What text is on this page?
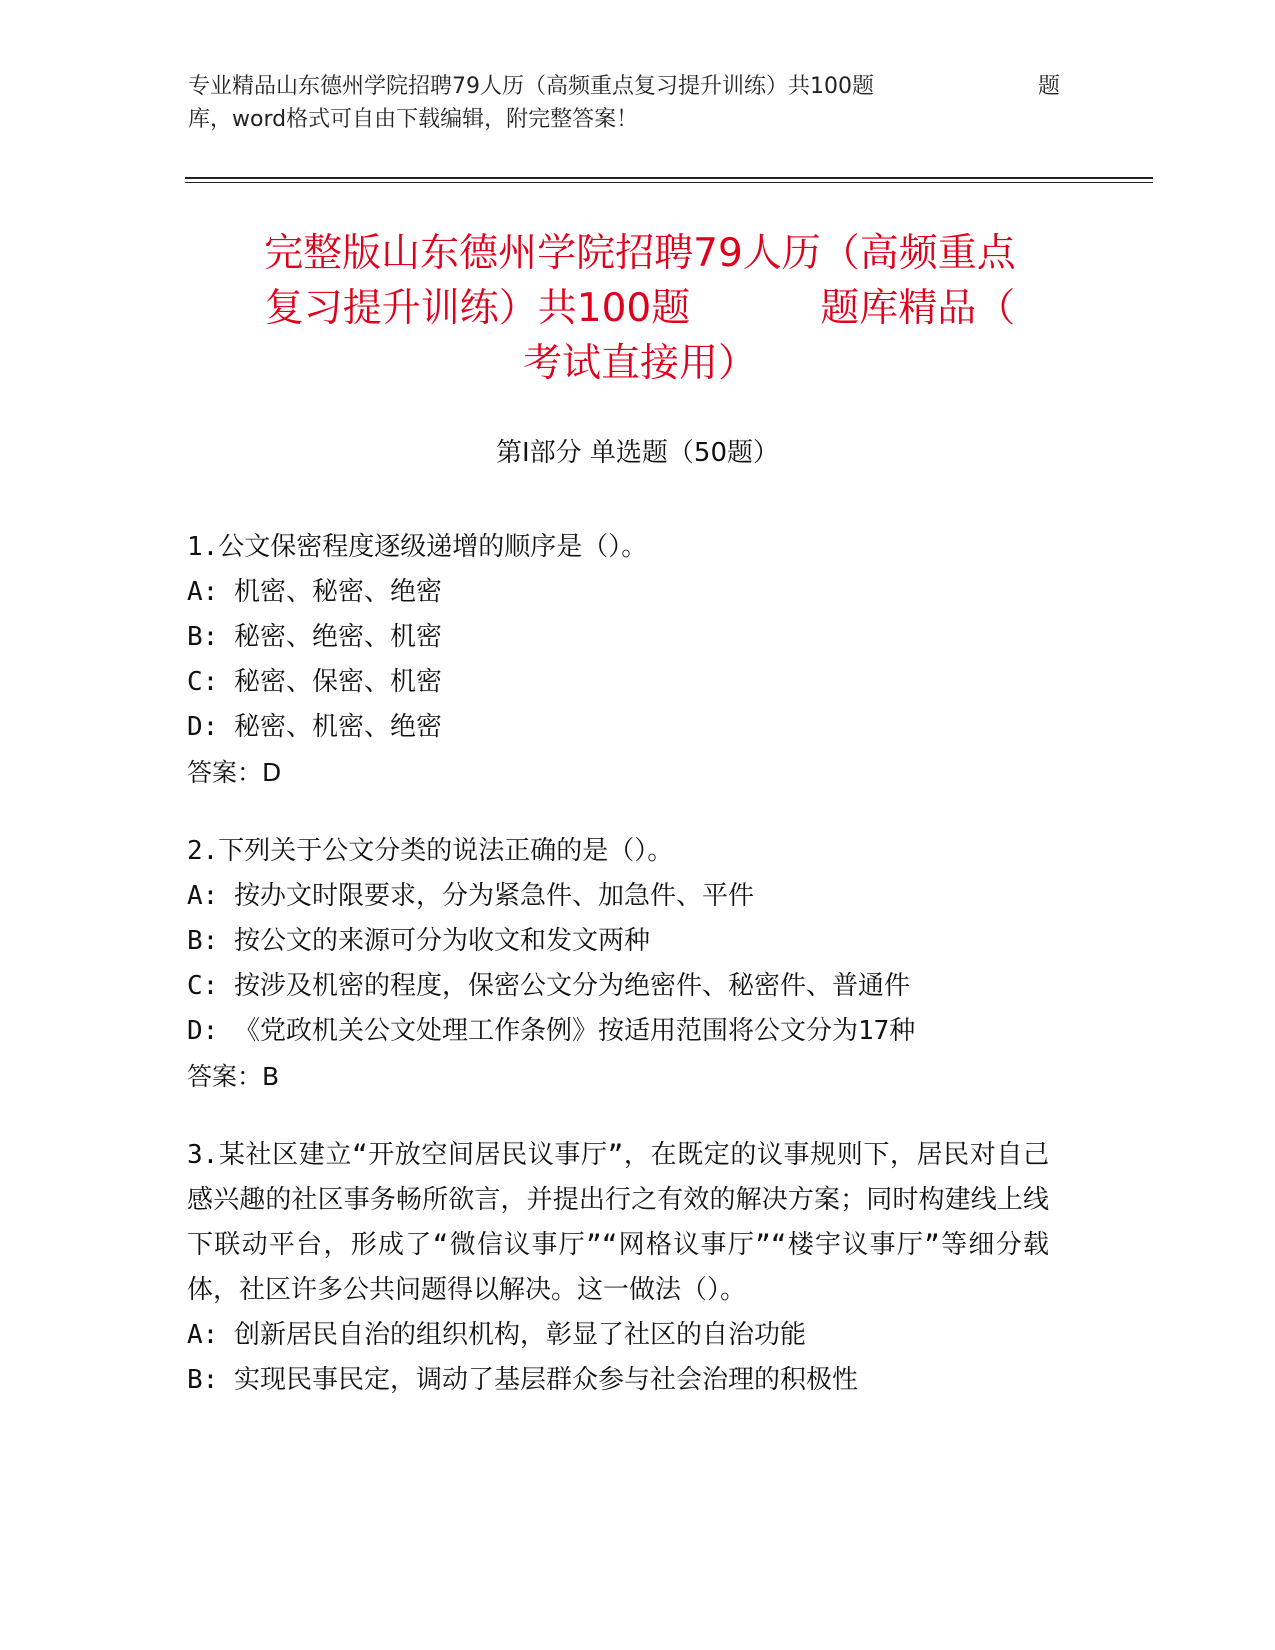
专业精品山东德州学院招聘79人历（高频重点复习提升训练）共100题	题
库，word格式可自由下载编辑，附完整答案！
完整版山东德州学院招聘79人历（高频重点
复习提升训练）共100题	题库精品（
考试直接用）
第Ⅰ部分 单选题（50题）
1.公文保密程度逐级递增的顺序是（）。
A: 机密、秘密、绝密
B: 秘密、绝密、机密
C: 秘密、保密、机密
D: 秘密、机密、绝密
答案：D
2.下列关于公文分类的说法正确的是（）。
A: 按办文时限要求，分为紧急件、加急件、平件
B: 按公文的来源可分为收文和发文两种
C: 按涉及机密的程度，保密公文分为绝密件、秘密件、普通件
D: 《党政机关公文处理工作条例》按适用范围将公文分为17种
答案：B
3.某社区建立“开放空间居民议事厅”，在既定的议事规则下，居民对自己感兴趣的社区事务畅所欲言，并提出行之有效的解决方案；同时构建线上线下联动平台，形成了“微信议事厅”“网格议事厅”“楼宇议事厅”等细分载体，社区许多公共问题得以解决。这一做法（）。
A: 创新居民自治的组织机构，彰显了社区的自治功能
B: 实现民事民定，调动了基层群众参与社会治理的积极性
